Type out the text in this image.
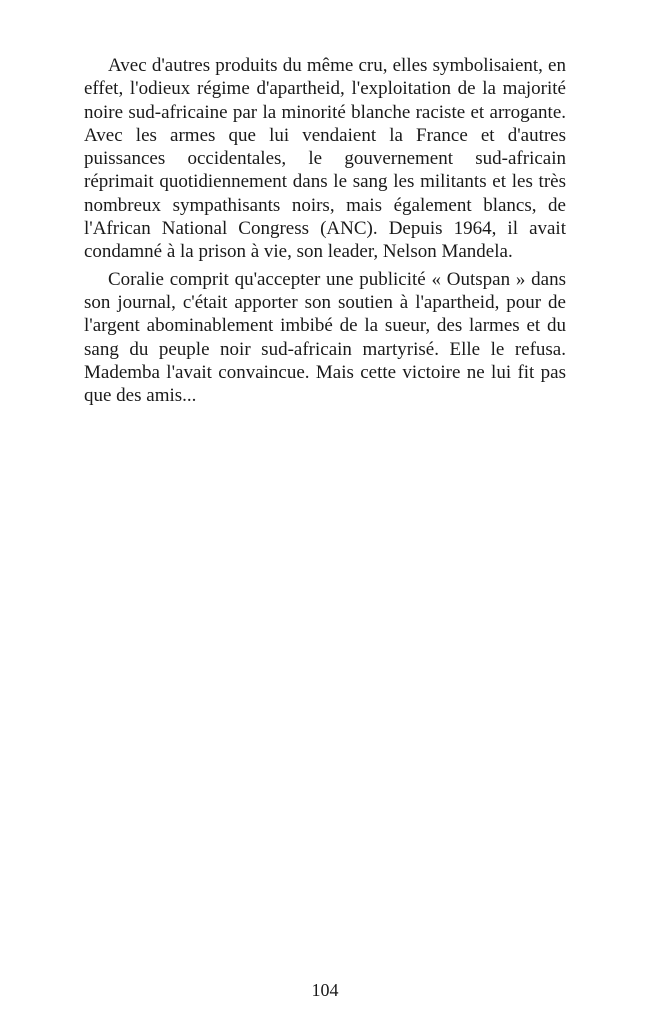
Avec d'autres produits du même cru, elles symbolisaient, en effet, l'odieux régime d'apartheid, l'exploitation de la majorité noire sud-africaine par la minorité blanche raciste et arrogante. Avec les armes que lui vendaient la France et d'autres puissances occidentales, le gouvernement sud-africain réprimait quotidiennement dans le sang les militants et les très nombreux sympathisants noirs, mais également blancs, de l'African National Congress (ANC). Depuis 1964, il avait condamné à la prison à vie, son leader, Nelson Mandela.

Coralie comprit qu'accepter une publicité « Outspan » dans son journal, c'était apporter son soutien à l'apartheid, pour de l'argent abominablement imbibé de la sueur, des larmes et du sang du peuple noir sud-africain martyrisé. Elle le refusa. Mademba l'avait convaincue. Mais cette victoire ne lui fit pas que des amis...

104
